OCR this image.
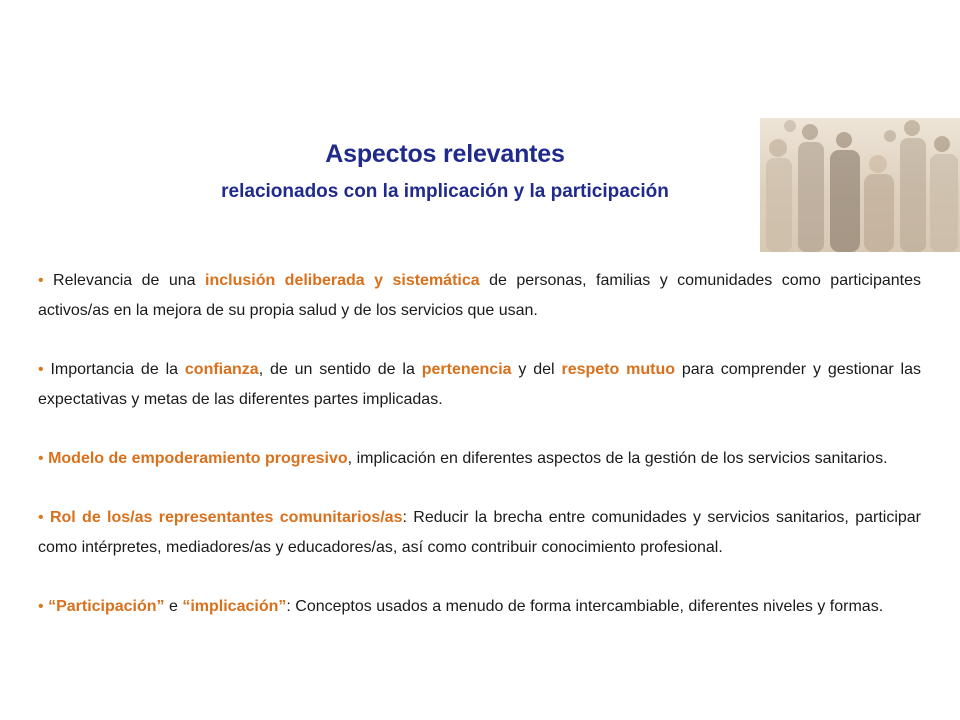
Aspectos relevantes
relacionados con la implicación y la participación

• Relevancia de una inclusión deliberada y sistemática de personas, familias y comunidades como participantes activos/as en la mejora de su propia salud y de los servicios que usan.

• Importancia de la confianza, de un sentido de la pertenencia y del respeto mutuo para comprender y gestionar las expectativas y metas de las diferentes partes implicadas.

• Modelo de empoderamiento progresivo, implicación en diferentes aspectos de la gestión de los servicios sanitarios.

• Rol de los/as representantes comunitarios/as: Reducir la brecha entre comunidades y servicios sanitarios, participar como intérpretes, mediadores/as y educadores/as, así como contribuir conocimiento profesional.

• “Participación” e “implicación”: Conceptos usados a menudo de forma intercambiable, diferentes niveles y formas.
